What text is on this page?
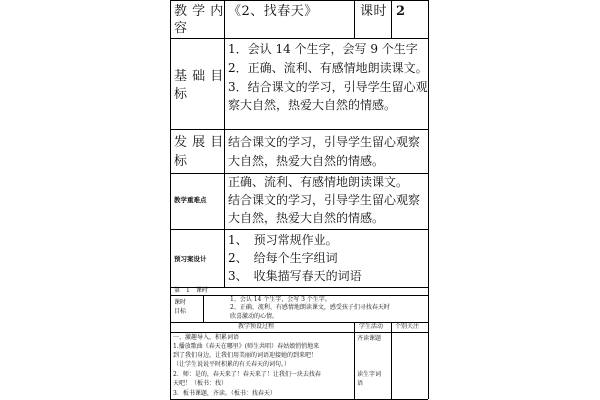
教 学 内
容
《2、找春天》	课时 2
基 础 目
标
1．会认 14 个生字，会写 9 个生字
2．正确、流利、有感情地朗读课文。
3．结合课文的学习，引导学生留心观
察大自然，热爱大自然的情感。
发 展 目
标
结合课文的学习，引导学生留心观察
大自然，热爱大自然的情感。
教学重难点
正确、流利、有感情地朗读课文。
结合课文的学习，引导学生留心观察
大自然，热爱大自然的情感。
预习案设计
1、　预习常规作业。
2、　给每个生字组词
3、　收集描写春天的词语
第　1　课时
课时
目标
1、会认 14 个生字，会写 3 个生字。
2、正确、流利、有感情地朗读课文，感受孩子们寻找春天时
欣喜激动的心情。
教学预设过程	学生活动 个别关注
一、激趣导入，积累词语
1.播放歌曲《春天在哪里》(师生共唱）春姑娘悄悄地来
到了我们身边，让我们用美丽的词语迎接她的到来吧！
（让学生说说平时积累的有关春天的词句。）
2．师：是的，春天来了！春天来了！让我们一块去找春
天吧！（板书：找）
3．板书课题，齐读。（板书：找春天）
齐读课题
读生字词
语
